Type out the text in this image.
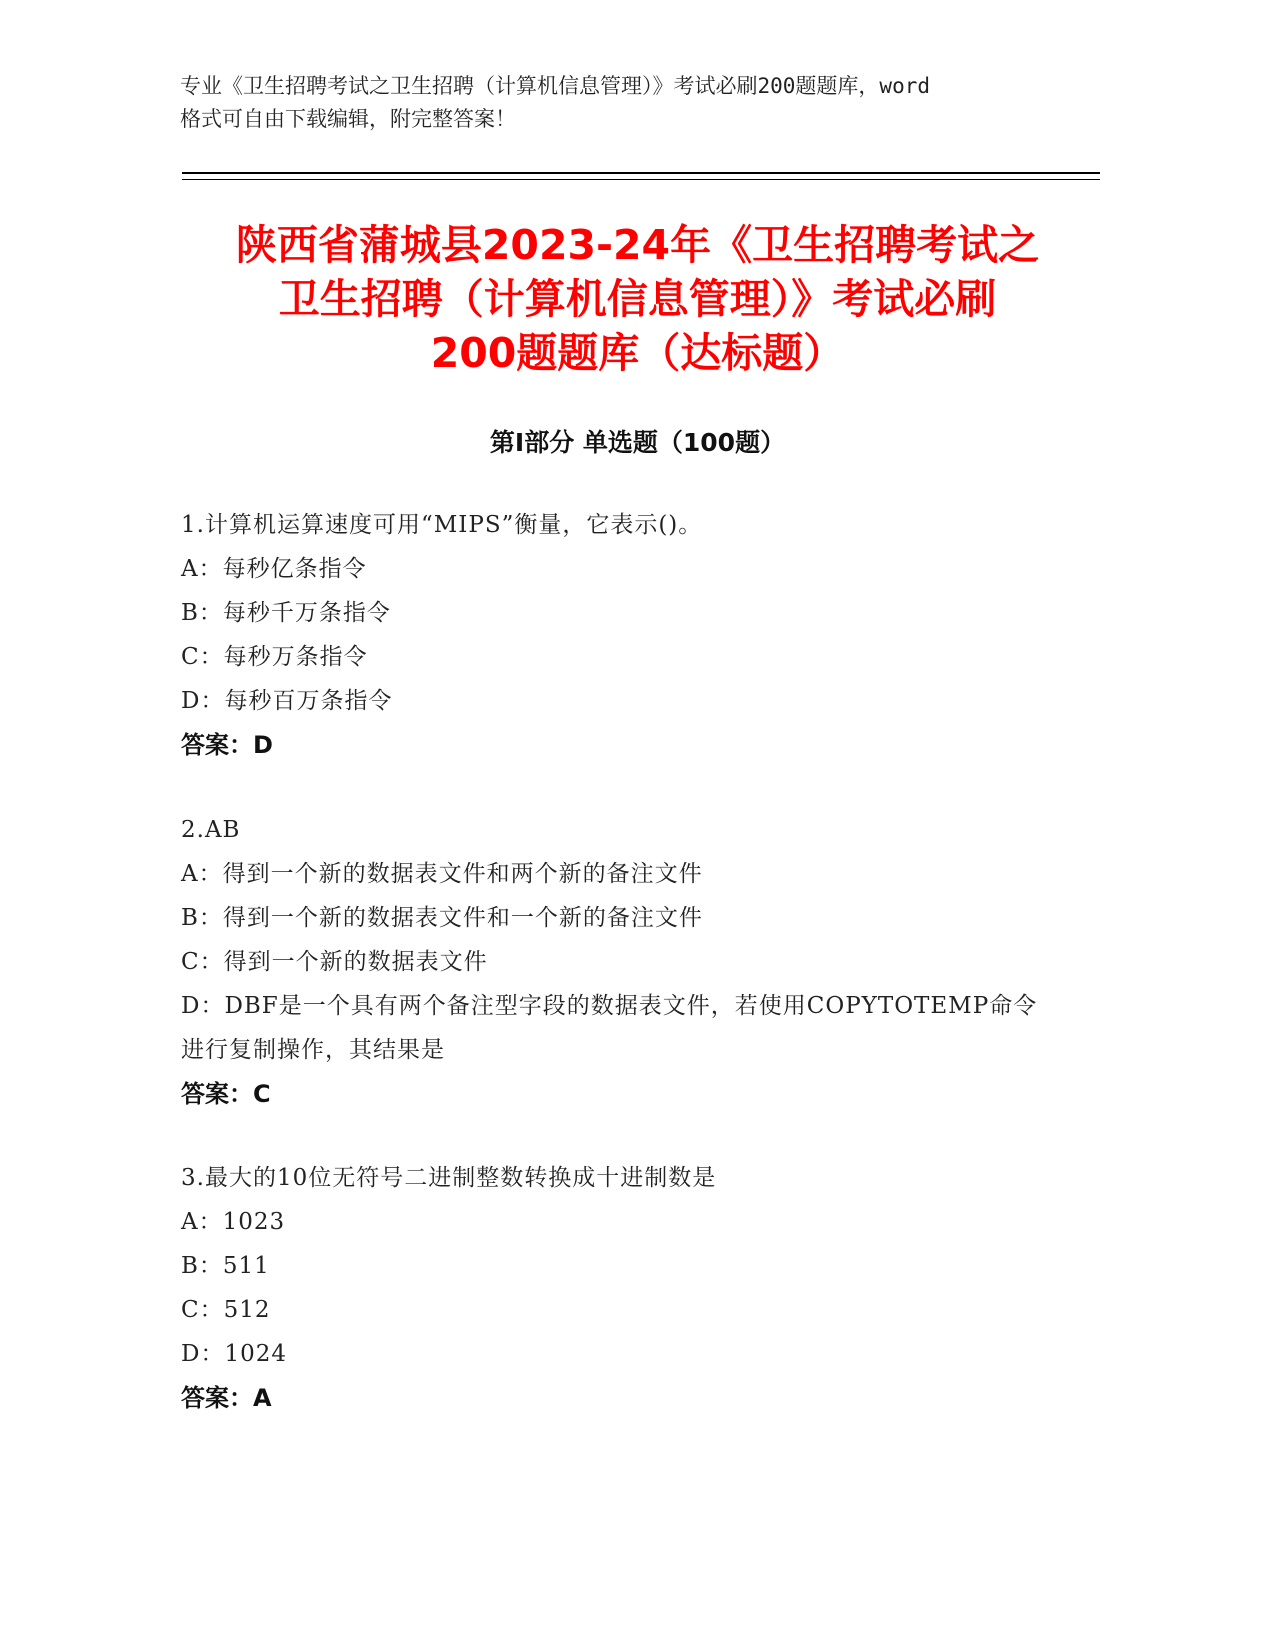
专业《卫生招聘考试之卫生招聘（计算机信息管理）》考试必刷200题题库，word
格式可自由下载编辑，附完整答案！
陕西省蒲城县2023-24年《卫生招聘考试之
卫生招聘（计算机信息管理）》考试必刷
200题题库（达标题）
第Ⅰ部分 单选题（100题）
1.计算机运算速度可用“MIPS”衡量，它表示()。
A：每秒亿条指令
B：每秒千万条指令
C：每秒万条指令
D：每秒百万条指令
答案：D
2.AB
A：得到一个新的数据表文件和两个新的备注文件
B：得到一个新的数据表文件和一个新的备注文件
C：得到一个新的数据表文件
D：DBF是一个具有两个备注型字段的数据表文件，若使用COPYTOTEMP命令进行复制操作，其结果是
答案：C
3.最大的10位无符号二进制整数转换成十进制数是
A：1023
B：511
C：512
D：1024
答案：A
